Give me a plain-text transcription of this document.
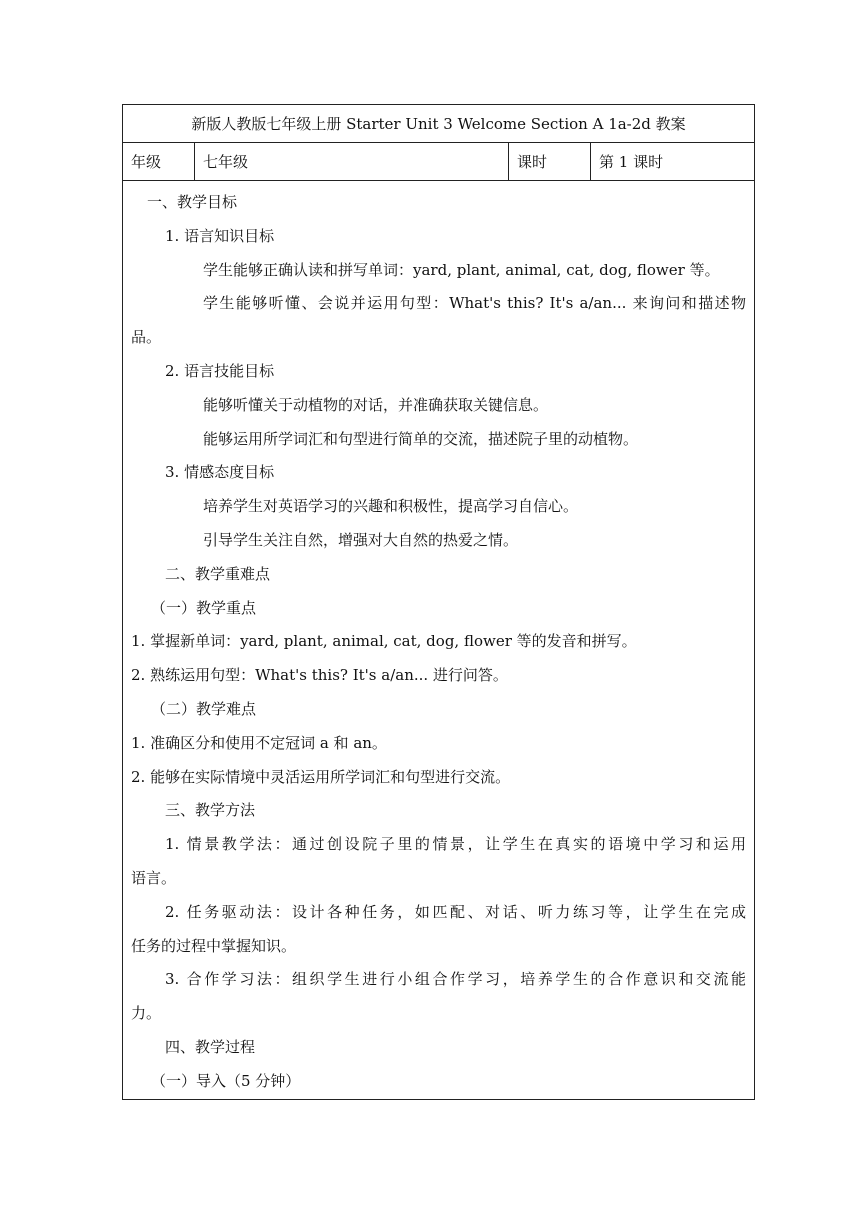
新版人教版七年级上册 Starter Unit 3 Welcome Section A 1a-2d 教案
年级	七年级	课时	第 1 课时

一、教学目标
1. 语言知识目标
学生能够正确认读和拼写单词：yard, plant, animal, cat, dog, flower 等。
学生能够听懂、会说并运用句型：What's this? It's a/an... 来询问和描述物
品。
2. 语言技能目标
能够听懂关于动植物的对话，并准确获取关键信息。
能够运用所学词汇和句型进行简单的交流，描述院子里的动植物。
3. 情感态度目标
培养学生对英语学习的兴趣和积极性，提高学习自信心。
引导学生关注自然，增强对大自然的热爱之情。
二、教学重难点
（一）教学重点
1. 掌握新单词：yard, plant, animal, cat, dog, flower 等的发音和拼写。
2. 熟练运用句型：What's this? It's a/an... 进行问答。
（二）教学难点
1. 准确区分和使用不定冠词 a 和 an。
2. 能够在实际情境中灵活运用所学词汇和句型进行交流。
三、教学方法
1. 情景教学法：通过创设院子里的情景，让学生在真实的语境中学习和运用
语言。
2. 任务驱动法：设计各种任务，如匹配、对话、听力练习等，让学生在完成
任务的过程中掌握知识。
3. 合作学习法：组织学生进行小组合作学习，培养学生的合作意识和交流能
力。
四、教学过程
（一）导入（5 分钟）
